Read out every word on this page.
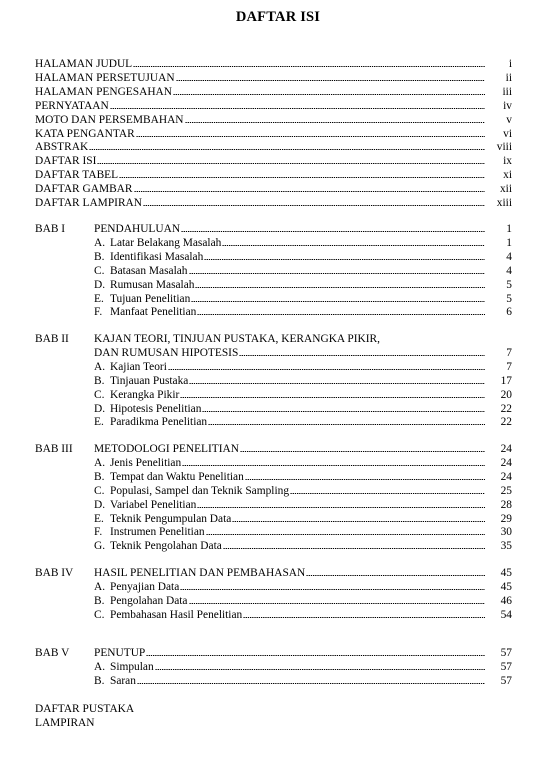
DAFTAR ISI
HALAMAN JUDUL	i
HALAMAN PERSETUJUAN	ii
HALAMAN PENGESAHAN	iii
PERNYATAAN	iv
MOTO DAN PERSEMBAHAN	v
KATA PENGANTAR	vi
ABSTRAK	viii
DAFTAR ISI	ix
DAFTAR TABEL	xi
DAFTAR GAMBAR	xii
DAFTAR LAMPIRAN	xiii
BAB I	PENDAHULUAN	1
A. Latar Belakang Masalah	1
B. Identifikasi Masalah	4
C. Batasan Masalah	4
D. Rumusan Masalah	5
E. Tujuan Penelitian	5
F. Manfaat Penelitian	6
BAB II KAJAN TEORI, TINJUAN PUSTAKA, KERANGKA PIKIR,
DAN RUMUSAN HIPOTESIS	7
A. Kajian Teori	7
B. Tinjauan Pustaka	17
C. Kerangka Pikir	20
D. Hipotesis Penelitian	22
E. Paradikma Penelitian	22
BAB III METODOLOGI PENELITIAN	24
A. Jenis Penelitian	24
B. Tempat dan Waktu Penelitian	24
C. Populasi, Sampel dan Teknik Sampling	25
D. Variabel Penelitian	28
E. Teknik Pengumpulan Data	29
F. Instrumen Penelitian	30
G. Teknik Pengolahan Data	35
BAB IV HASIL PENELITIAN DAN PEMBAHASAN	45
A. Penyajian Data	45
B. Pengolahan Data	46
C. Pembahasan Hasil Penelitian	54
BAB V PENUTUP	57
A. Simpulan	57
B. Saran	57
DAFTAR PUSTAKA
LAMPIRAN
